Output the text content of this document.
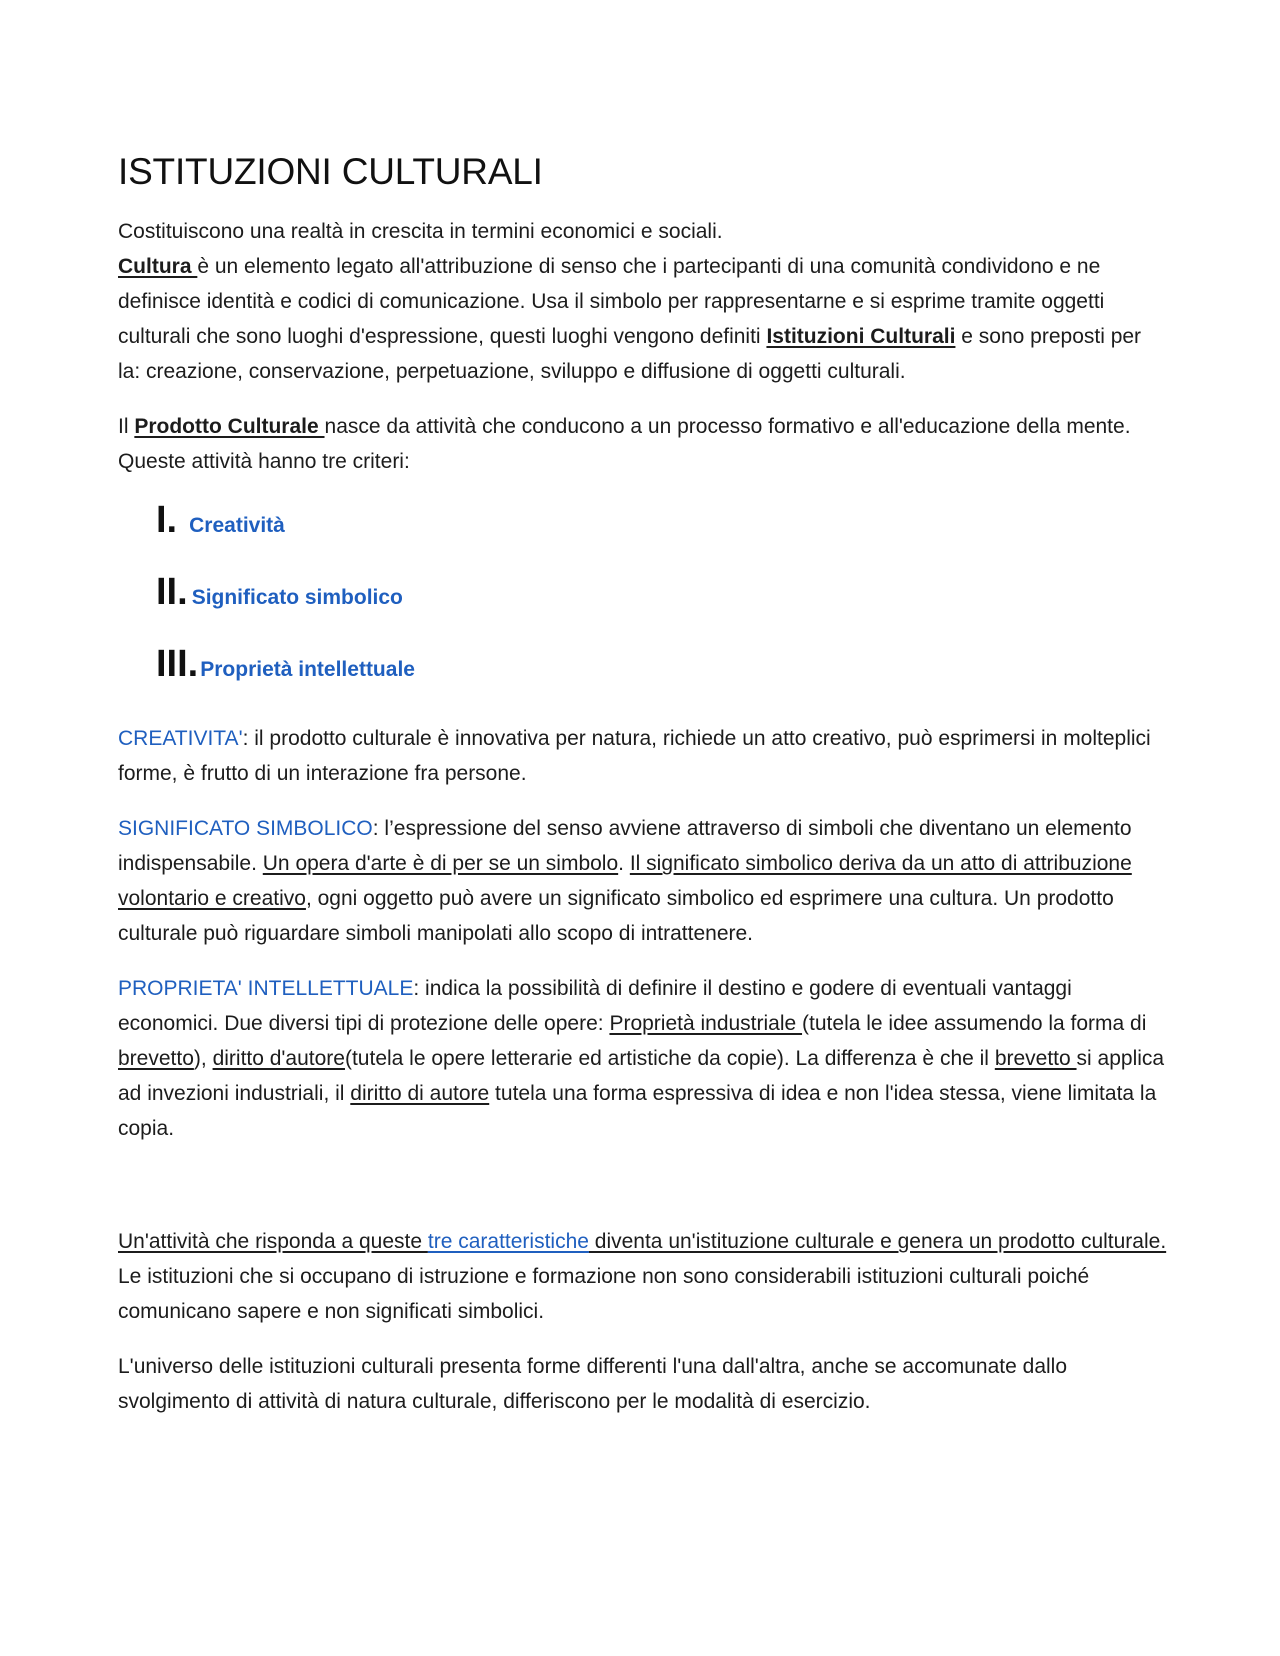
ISTITUZIONI CULTURALI

Costituiscono una realtà in crescita in termini economici e sociali.
Cultura è un elemento legato all'attribuzione di senso che i partecipanti di una comunità condividono e ne definisce identità e codici di comunicazione. Usa il simbolo per rappresentarne e si esprime tramite oggetti culturali che sono luoghi d'espressione, questi luoghi vengono definiti Istituzioni Culturali e sono preposti per la: creazione, conservazione, perpetuazione, sviluppo e diffusione di oggetti culturali.

Il Prodotto Culturale nasce da attività che conducono a un processo formativo e all'educazione della mente. Queste attività hanno tre criteri:

I. Creatività
II. Significato simbolico
III. Proprietà intellettuale

CREATIVITA': il prodotto culturale è innovativa per natura, richiede un atto creativo, può esprimersi in molteplici forme, è frutto di un interazione fra persone.

SIGNIFICATO SIMBOLICO: l’espressione del senso avviene attraverso di simboli che diventano un elemento indispensabile. Un opera d'arte è di per se un simbolo. Il significato simbolico deriva da un atto di attribuzione volontario e creativo, ogni oggetto può avere un significato simbolico ed esprimere una cultura. Un prodotto culturale può riguardare simboli manipolati allo scopo di intrattenere.

PROPRIETA' INTELLETTUALE: indica la possibilità di definire il destino e godere di eventuali vantaggi economici. Due diversi tipi di protezione delle opere: Proprietà industriale (tutela le idee assumendo la forma di brevetto), diritto d'autore(tutela le opere letterarie ed artistiche da copie). La differenza è che il brevetto si applica ad invezioni industriali, il diritto di autore tutela una forma espressiva di idea e non l'idea stessa, viene limitata la copia.

Un'attività che risponda a queste tre caratteristiche diventa un'istituzione culturale e genera un prodotto culturale.
Le istituzioni che si occupano di istruzione e formazione non sono considerabili istituzioni culturali poiché comunicano sapere e non significati simbolici.

L'universo delle istituzioni culturali presenta forme differenti l'una dall'altra, anche se accomunate dallo svolgimento di attività di natura culturale, differiscono per le modalità di esercizio.
